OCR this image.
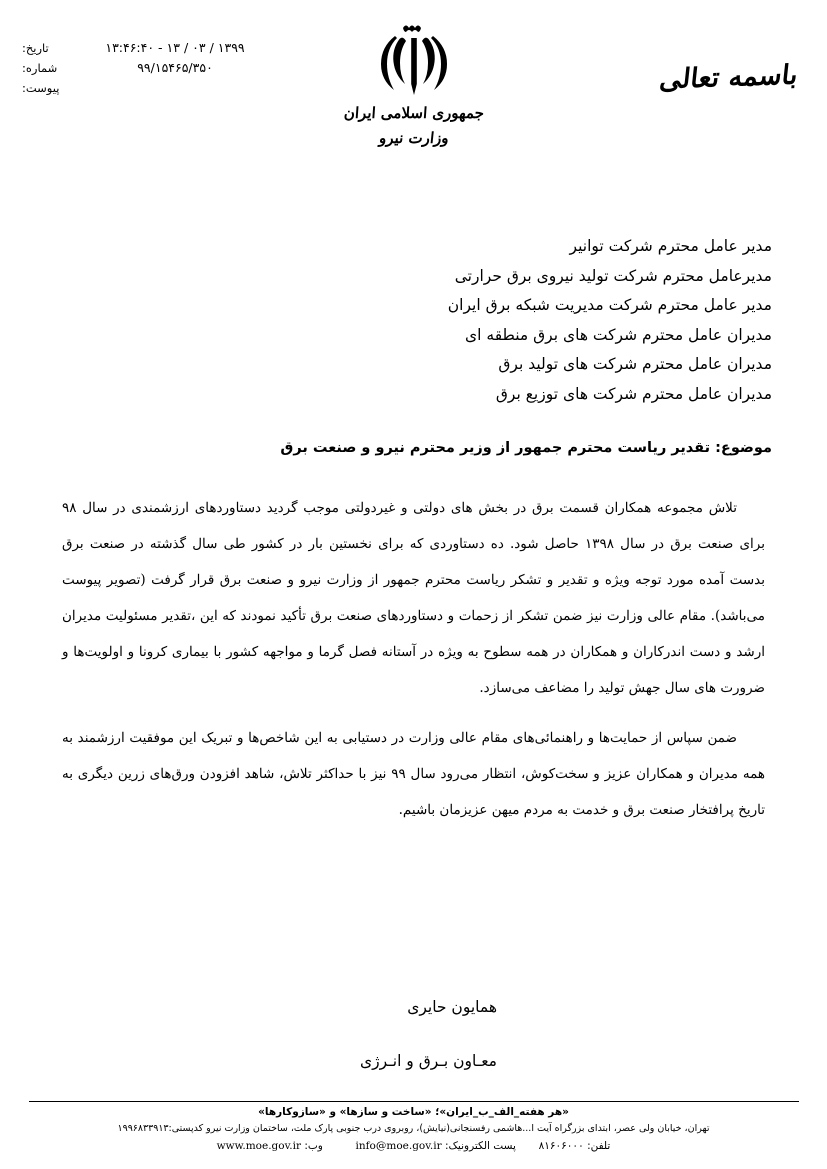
تاریخ:	۱۳۹۹ / ۰۳ / ۱۳ - ۱۳:۴۶:۴۰
شماره:	۹۹/۱۵۴۶۵/۳۵۰
پیوست:
جمهوری اسلامی ایران
وزارت نیرو
باسمه تعالی
مدیر عامل محترم شرکت توانیر
مدیرعامل محترم شرکت تولید نیروی برق حرارتی
مدیر عامل محترم شرکت مدیریت شبکه برق ایران
مدیران عامل محترم شرکت های برق منطقه ای
مدیران عامل محترم شرکت های تولید برق
مدیران عامل محترم شرکت های توزیع برق
موضوع: تقدیر ریاست محترم جمهور از وزیر محترم نیرو و صنعت برق

تلاش مجموعه همکاران قسمت برق در بخش های دولتی و غیردولتی موجب گردید دستاوردهای ارزشمندی در سال ۹۸ برای صنعت برق در سال ۱۳۹۸ حاصل شود. ده دستاوردی که برای نخستین بار در کشور طی سال گذشته در صنعت برق بدست آمده مورد توجه ویژه و تقدیر و تشکر ریاست محترم جمهور از وزارت نیرو و صنعت برق قرار گرفت (تصویر پیوست می‌باشد). مقام عالی وزارت نیز ضمن تشکر از زحمات و دستاوردهای صنعت برق تأکید نمودند که این ،تقدیر مسئولیت مدیران ارشد و دست اندرکاران و همکاران در همه سطوح به ویژه در آستانه فصل گرما و مواجهه کشور با بیماری کرونا و اولویت‌ها و ضرورت های سال جهش تولید را مضاعف می‌سازد.

ضمن سپاس از حمایت‌ها و راهنمائی‌های مقام عالی وزارت در دستیابی به این شاخص‌ها و تبریک این موفقیت ارزشمند به همه مدیران و همکاران عزیز و سخت‌کوش، انتظار می‌رود سال ۹۹ نیز با حداکثر تلاش، شاهد افزودن ورق‌های زرین دیگری به تاریخ پرافتخار صنعت برق و خدمت به مردم میهن عزیزمان باشیم.

همایون حایری
معـاون بـرق و انـرژی
«هر هفته_الف_ب_ایران»؛ «ساخت و سازها» و «سازوکارها»
تهران، خیابان ولی عصر، ابتدای بزرگراه آیت ا...هاشمی رفسنجانی(نیایش)، روبروی درب جنوبی پارک ملت، ساختمان وزارت نیرو کدپستی:۱۹۹۶۸۳۳۹۱۳
تلفن: ۸۱۶۰۶۰۰۰  پست الکترونیک: info@moe.gov.ir  وب: www.moe.gov.ir
